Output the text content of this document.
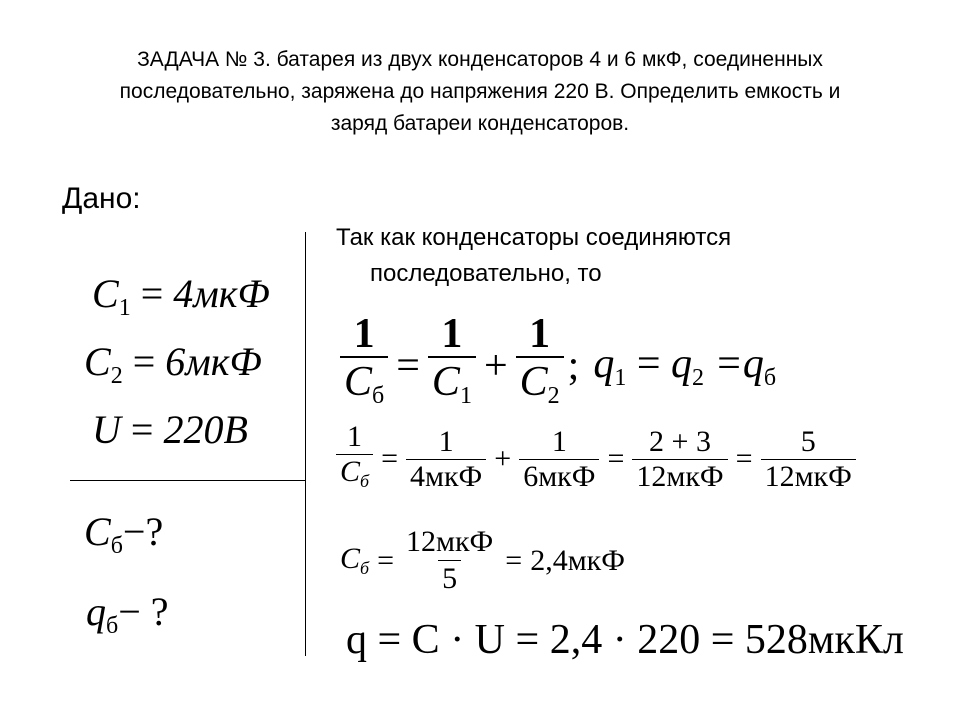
ЗАДАЧА № 3. батарея из двух конденсаторов 4 и 6 мкФ, соединенных
последовательно, заряжена до напряжения 220 В. Определить емкость и
заряд батареи конденсаторов.
Дано:
Так как конденсаторы соединяются
последовательно, то
$C_1 = 4мкФ$
$C_2 = 6мкФ$
U = 220В
$C_б-$?
$q_б-$ ?
$\frac{1}{C_б} = \frac{1}{C_1} + \frac{1}{C_2}$ ; $q_1 = q_2 =q_б$
$\frac{1}{C_б} = \frac{1}{\text{4мкФ}} + \frac{1}{\text{6мкФ}} = \frac{2 + 3}{\text{12мкФ}} = \frac{5}{\text{12мкФ}}$
$C_б = \frac{\text{12мкФ}}{5} = 2,4мкФ$
q = C · U = 2,4 · 220 = 528мкКл
